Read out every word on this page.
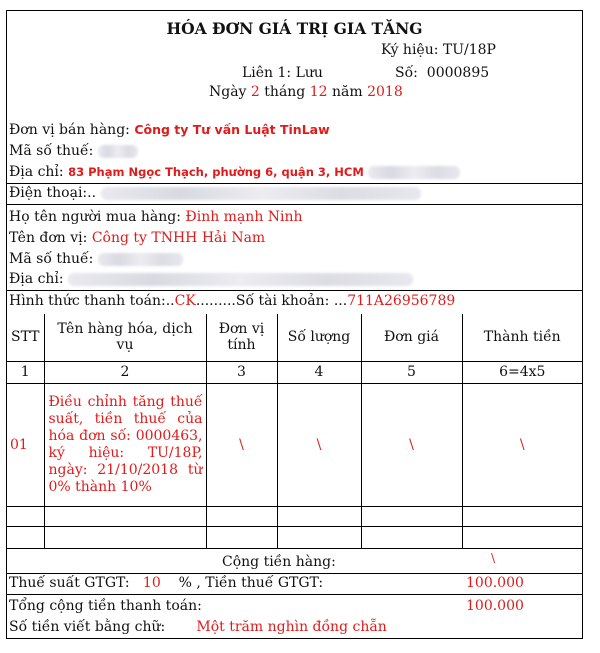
HÓA ĐƠN GIÁ TRỊ GIA TĂNG
Ký hiệu: TU/18P
Liên 1: Lưu	Số: 0000895
Ngày 2 tháng 12 năm 2018
Đơn vị bán hàng: Công ty Tư vấn Luật TinLaw
Mã số thuế:
Địa chỉ: 83 Phạm Ngọc Thạch, phường 6, quận 3, HCM
Điện thoại:..
Họ tên người mua hàng: Đinh mạnh Ninh
Tên đơn vị: Công ty TNHH Hải Nam
Mã số thuế:
Địa chỉ:
Hình thức thanh toán:..CK.........Số tài khoản: ...711A26956789
STT	Tên hàng hóa, dịch vụ	Đơn vị tính	Số lượng	Đơn giá	Thành tiền
1	2	3	4	5	6=4x5
01	Điều chỉnh tăng thuế suất, tiền thuế của hóa đơn số: 0000463, ký hiệu: TU/18P, ngày: 21/10/2018 từ 0% thành 10%	\	\	\	\

Cộng tiền hàng:	\
Thuế suất GTGT: 10 % , Tiền thuế GTGT:	100.000
Tổng cộng tiền thanh toán:	100.000
Số tiền viết bằng chữ: Một trăm nghìn đồng chẵn
